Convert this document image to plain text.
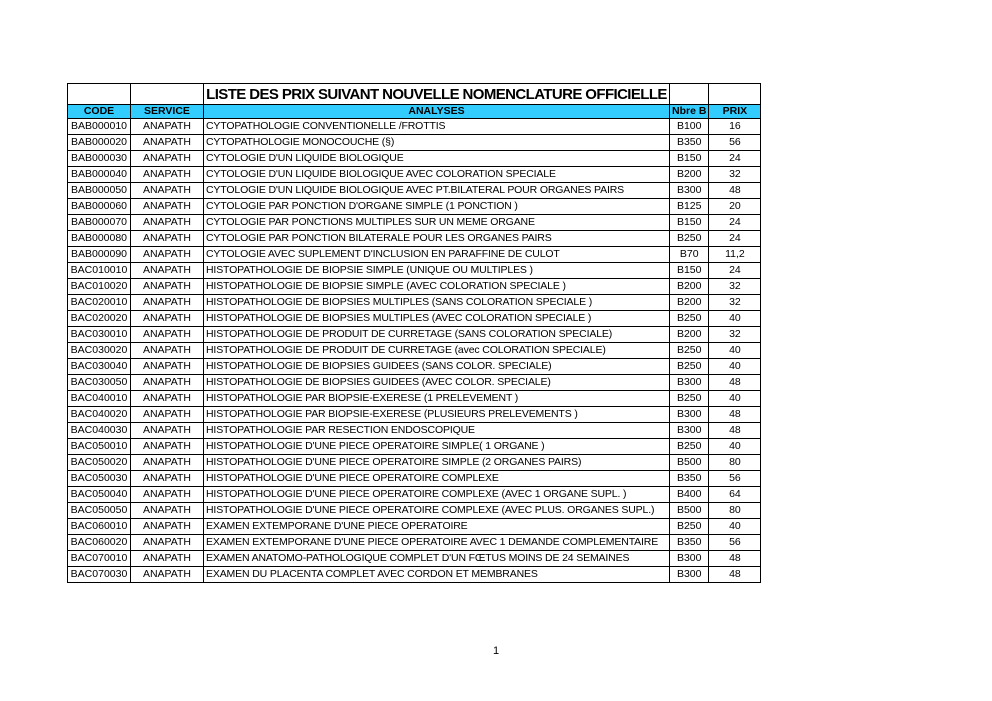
		LISTE DES PRIX SUIVANT NOUVELLE NOMENCLATURE OFFICIELLE		
CODE	SERVICE	ANALYSES	Nbre B	PRIX
BAB000010	ANAPATH	CYTOPATHOLOGIE CONVENTIONELLE /FROTTIS	B100	16
BAB000020	ANAPATH	CYTOPATHOLOGIE MONOCOUCHE (§)	B350	56
BAB000030	ANAPATH	CYTOLOGIE D'UN LIQUIDE BIOLOGIQUE	B150	24
BAB000040	ANAPATH	CYTOLOGIE D'UN LIQUIDE BIOLOGIQUE AVEC COLORATION SPECIALE	B200	32
BAB000050	ANAPATH	CYTOLOGIE D'UN LIQUIDE BIOLOGIQUE AVEC PT.BILATERAL POUR ORGANES PAIRS	B300	48
BAB000060	ANAPATH	CYTOLOGIE PAR PONCTION D'ORGANE SIMPLE (1 PONCTION )	B125	20
BAB000070	ANAPATH	CYTOLOGIE PAR PONCTIONS MULTIPLES SUR UN MEME ORGANE	B150	24
BAB000080	ANAPATH	CYTOLOGIE PAR PONCTION BILATERALE POUR LES ORGANES PAIRS	B250	24
BAB000090	ANAPATH	CYTOLOGIE AVEC SUPLEMENT D'INCLUSION EN PARAFFINE DE CULOT	B70	11,2
BAC010010	ANAPATH	HISTOPATHOLOGIE DE BIOPSIE SIMPLE (UNIQUE OU MULTIPLES )	B150	24
BAC010020	ANAPATH	HISTOPATHOLOGIE DE BIOPSIE SIMPLE (AVEC COLORATION SPECIALE )	B200	32
BAC020010	ANAPATH	HISTOPATHOLOGIE DE BIOPSIES MULTIPLES (SANS COLORATION SPECIALE )	B200	32
BAC020020	ANAPATH	HISTOPATHOLOGIE DE BIOPSIES MULTIPLES (AVEC COLORATION SPECIALE )	B250	40
BAC030010	ANAPATH	HISTOPATHOLOGIE DE PRODUIT DE CURRETAGE (SANS COLORATION SPECIALE)	B200	32
BAC030020	ANAPATH	HISTOPATHOLOGIE DE PRODUIT DE CURRETAGE (avec COLORATION SPECIALE)	B250	40
BAC030040	ANAPATH	HISTOPATHOLOGIE DE BIOPSIES GUIDEES (SANS COLOR. SPECIALE)	B250	40
BAC030050	ANAPATH	HISTOPATHOLOGIE DE BIOPSIES GUIDEES (AVEC COLOR. SPECIALE)	B300	48
BAC040010	ANAPATH	HISTOPATHOLOGIE PAR BIOPSIE-EXERESE (1 PRELEVEMENT )	B250	40
BAC040020	ANAPATH	HISTOPATHOLOGIE PAR BIOPSIE-EXERESE (PLUSIEURS PRELEVEMENTS )	B300	48
BAC040030	ANAPATH	HISTOPATHOLOGIE PAR RESECTION ENDOSCOPIQUE	B300	48
BAC050010	ANAPATH	HISTOPATHOLOGIE D'UNE PIECE OPERATOIRE SIMPLE( 1 ORGANE )	B250	40
BAC050020	ANAPATH	HISTOPATHOLOGIE D'UNE PIECE OPERATOIRE SIMPLE (2 ORGANES PAIRS)	B500	80
BAC050030	ANAPATH	HISTOPATHOLOGIE D'UNE PIECE OPERATOIRE COMPLEXE	B350	56
BAC050040	ANAPATH	HISTOPATHOLOGIE D'UNE PIECE OPERATOIRE COMPLEXE (AVEC 1 ORGANE SUPL. )	B400	64
BAC050050	ANAPATH	HISTOPATHOLOGIE D'UNE PIECE OPERATOIRE COMPLEXE (AVEC PLUS. ORGANES SUPL.)	B500	80
BAC060010	ANAPATH	EXAMEN EXTEMPORANE D'UNE PIECE OPERATOIRE	B250	40
BAC060020	ANAPATH	EXAMEN EXTEMPORANE D'UNE PIECE OPERATOIRE AVEC 1 DEMANDE COMPLEMENTAIRE	B350	56
BAC070010	ANAPATH	EXAMEN ANATOMO-PATHOLOGIQUE COMPLET D'UN FŒTUS MOINS DE 24 SEMAINES	B300	48
BAC070030	ANAPATH	EXAMEN DU PLACENTA COMPLET AVEC CORDON ET MEMBRANES	B300	48
1
